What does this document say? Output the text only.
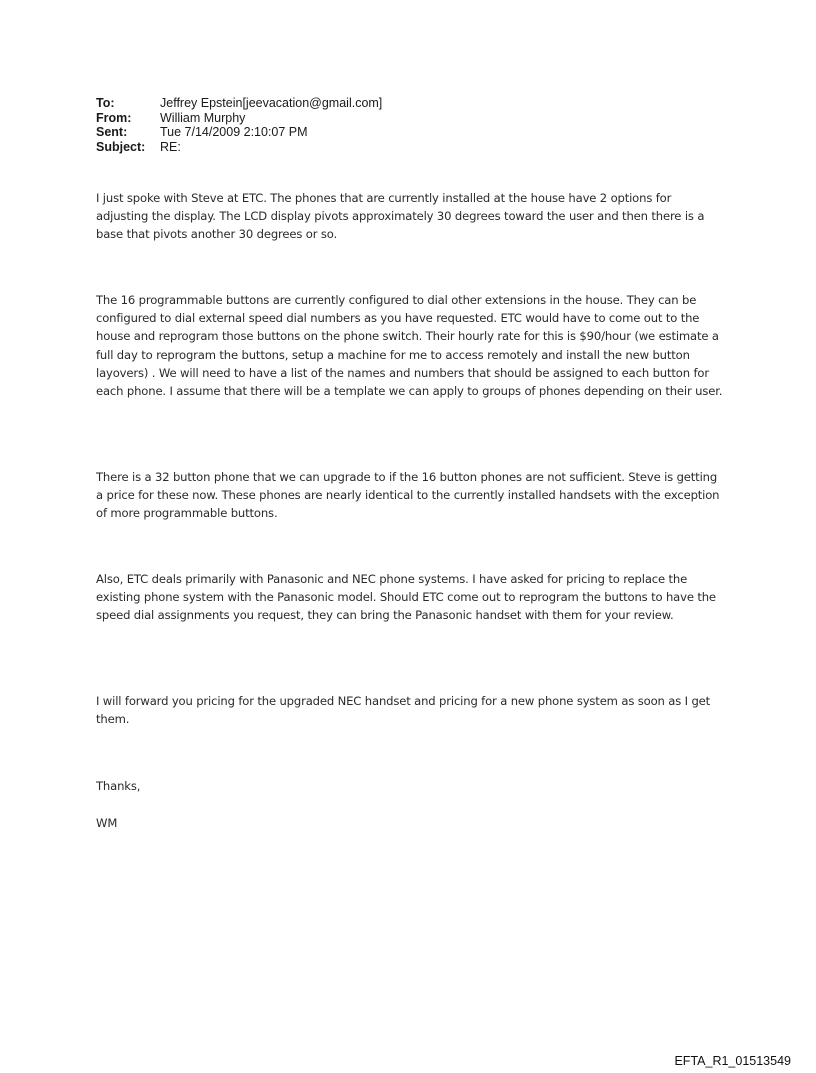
To:	Jeffrey Epstein[jeevacation@gmail.com]
From:	William Murphy
Sent:	Tue 7/14/2009 2:10:07 PM
Subject:	RE:

I just spoke with Steve at ETC. The phones that are currently installed at the house have 2 options for adjusting the display. The LCD display pivots approximately 30 degrees toward the user and then there is a base that pivots another 30 degrees or so.

The 16 programmable buttons are currently configured to dial other extensions in the house. They can be configured to dial external speed dial numbers as you have requested. ETC would have to come out to the house and reprogram those buttons on the phone switch. Their hourly rate for this is $90/hour (we estimate a full day to reprogram the buttons, setup a machine for me to access remotely and install the new button layovers) . We will need to have a list of the names and numbers that should be assigned to each button for each phone. I assume that there will be a template we can apply to groups of phones depending on their user.

There is a 32 button phone that we can upgrade to if the 16 button phones are not sufficient. Steve is getting a price for these now. These phones are nearly identical to the currently installed handsets with the exception of more programmable buttons.

Also, ETC deals primarily with Panasonic and NEC phone systems. I have asked for pricing to replace the existing phone system with the Panasonic model. Should ETC come out to reprogram the buttons to have the speed dial assignments you request, they can bring the Panasonic handset with them for your review.

I will forward you pricing for the upgraded NEC handset and pricing for a new phone system as soon as I get them.

Thanks,

WM

EFTA_R1_01513549
